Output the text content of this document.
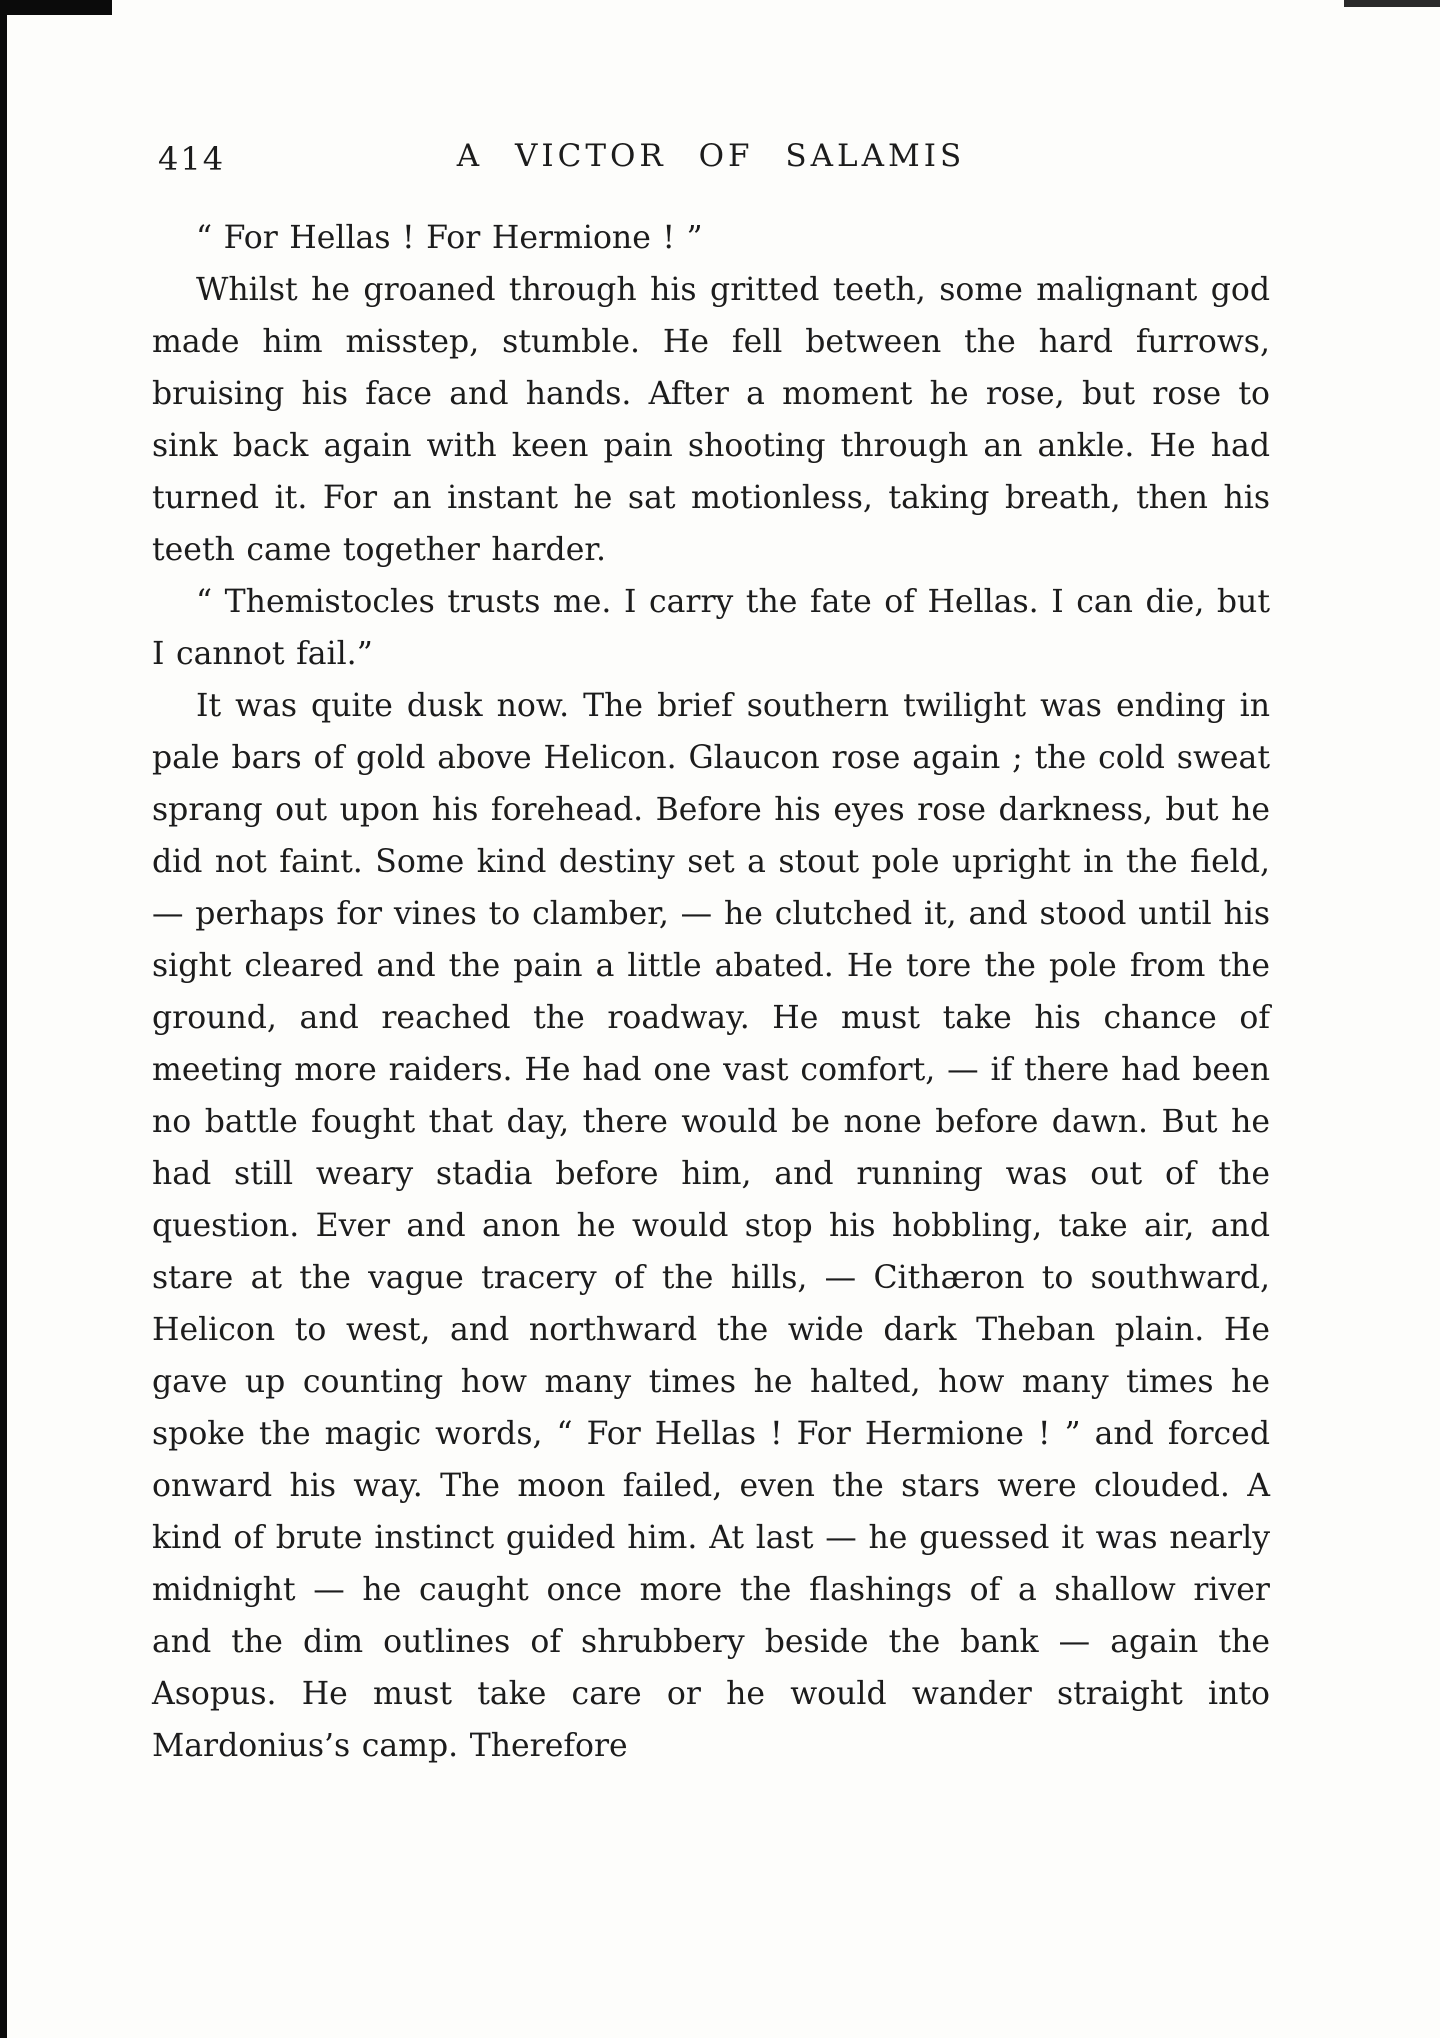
414	A VICTOR OF SALAMIS

“ For Hellas ! For Hermione ! ”

Whilst he groaned through his gritted teeth, some malignant god made him misstep, stumble. He fell between the hard furrows, bruising his face and hands. After a moment he rose, but rose to sink back again with keen pain shooting through an ankle. He had turned it. For an instant he sat motionless, taking breath, then his teeth came together harder.

“ Themistocles trusts me. I carry the fate of Hellas. I can die, but I cannot fail.”

It was quite dusk now. The brief southern twilight was ending in pale bars of gold above Helicon. Glaucon rose again ; the cold sweat sprang out upon his forehead. Before his eyes rose darkness, but he did not faint. Some kind destiny set a stout pole upright in the field, — perhaps for vines to clamber, — he clutched it, and stood until his sight cleared and the pain a little abated. He tore the pole from the ground, and reached the roadway. He must take his chance of meeting more raiders. He had one vast comfort, — if there had been no battle fought that day, there would be none before dawn. But he had still weary stadia before him, and running was out of the question. Ever and anon he would stop his hobbling, take air, and stare at the vague tracery of the hills, — Cithæron to southward, Helicon to west, and northward the wide dark Theban plain. He gave up counting how many times he halted, how many times he spoke the magic words, “ For Hellas ! For Hermione ! ” and forced onward his way. The moon failed, even the stars were clouded. A kind of brute instinct guided him. At last — he guessed it was nearly midnight — he caught once more the flashings of a shallow river and the dim outlines of shrubbery beside the bank — again the Asopus. He must take care or he would wander straight into Mardonius’s camp. Therefore
